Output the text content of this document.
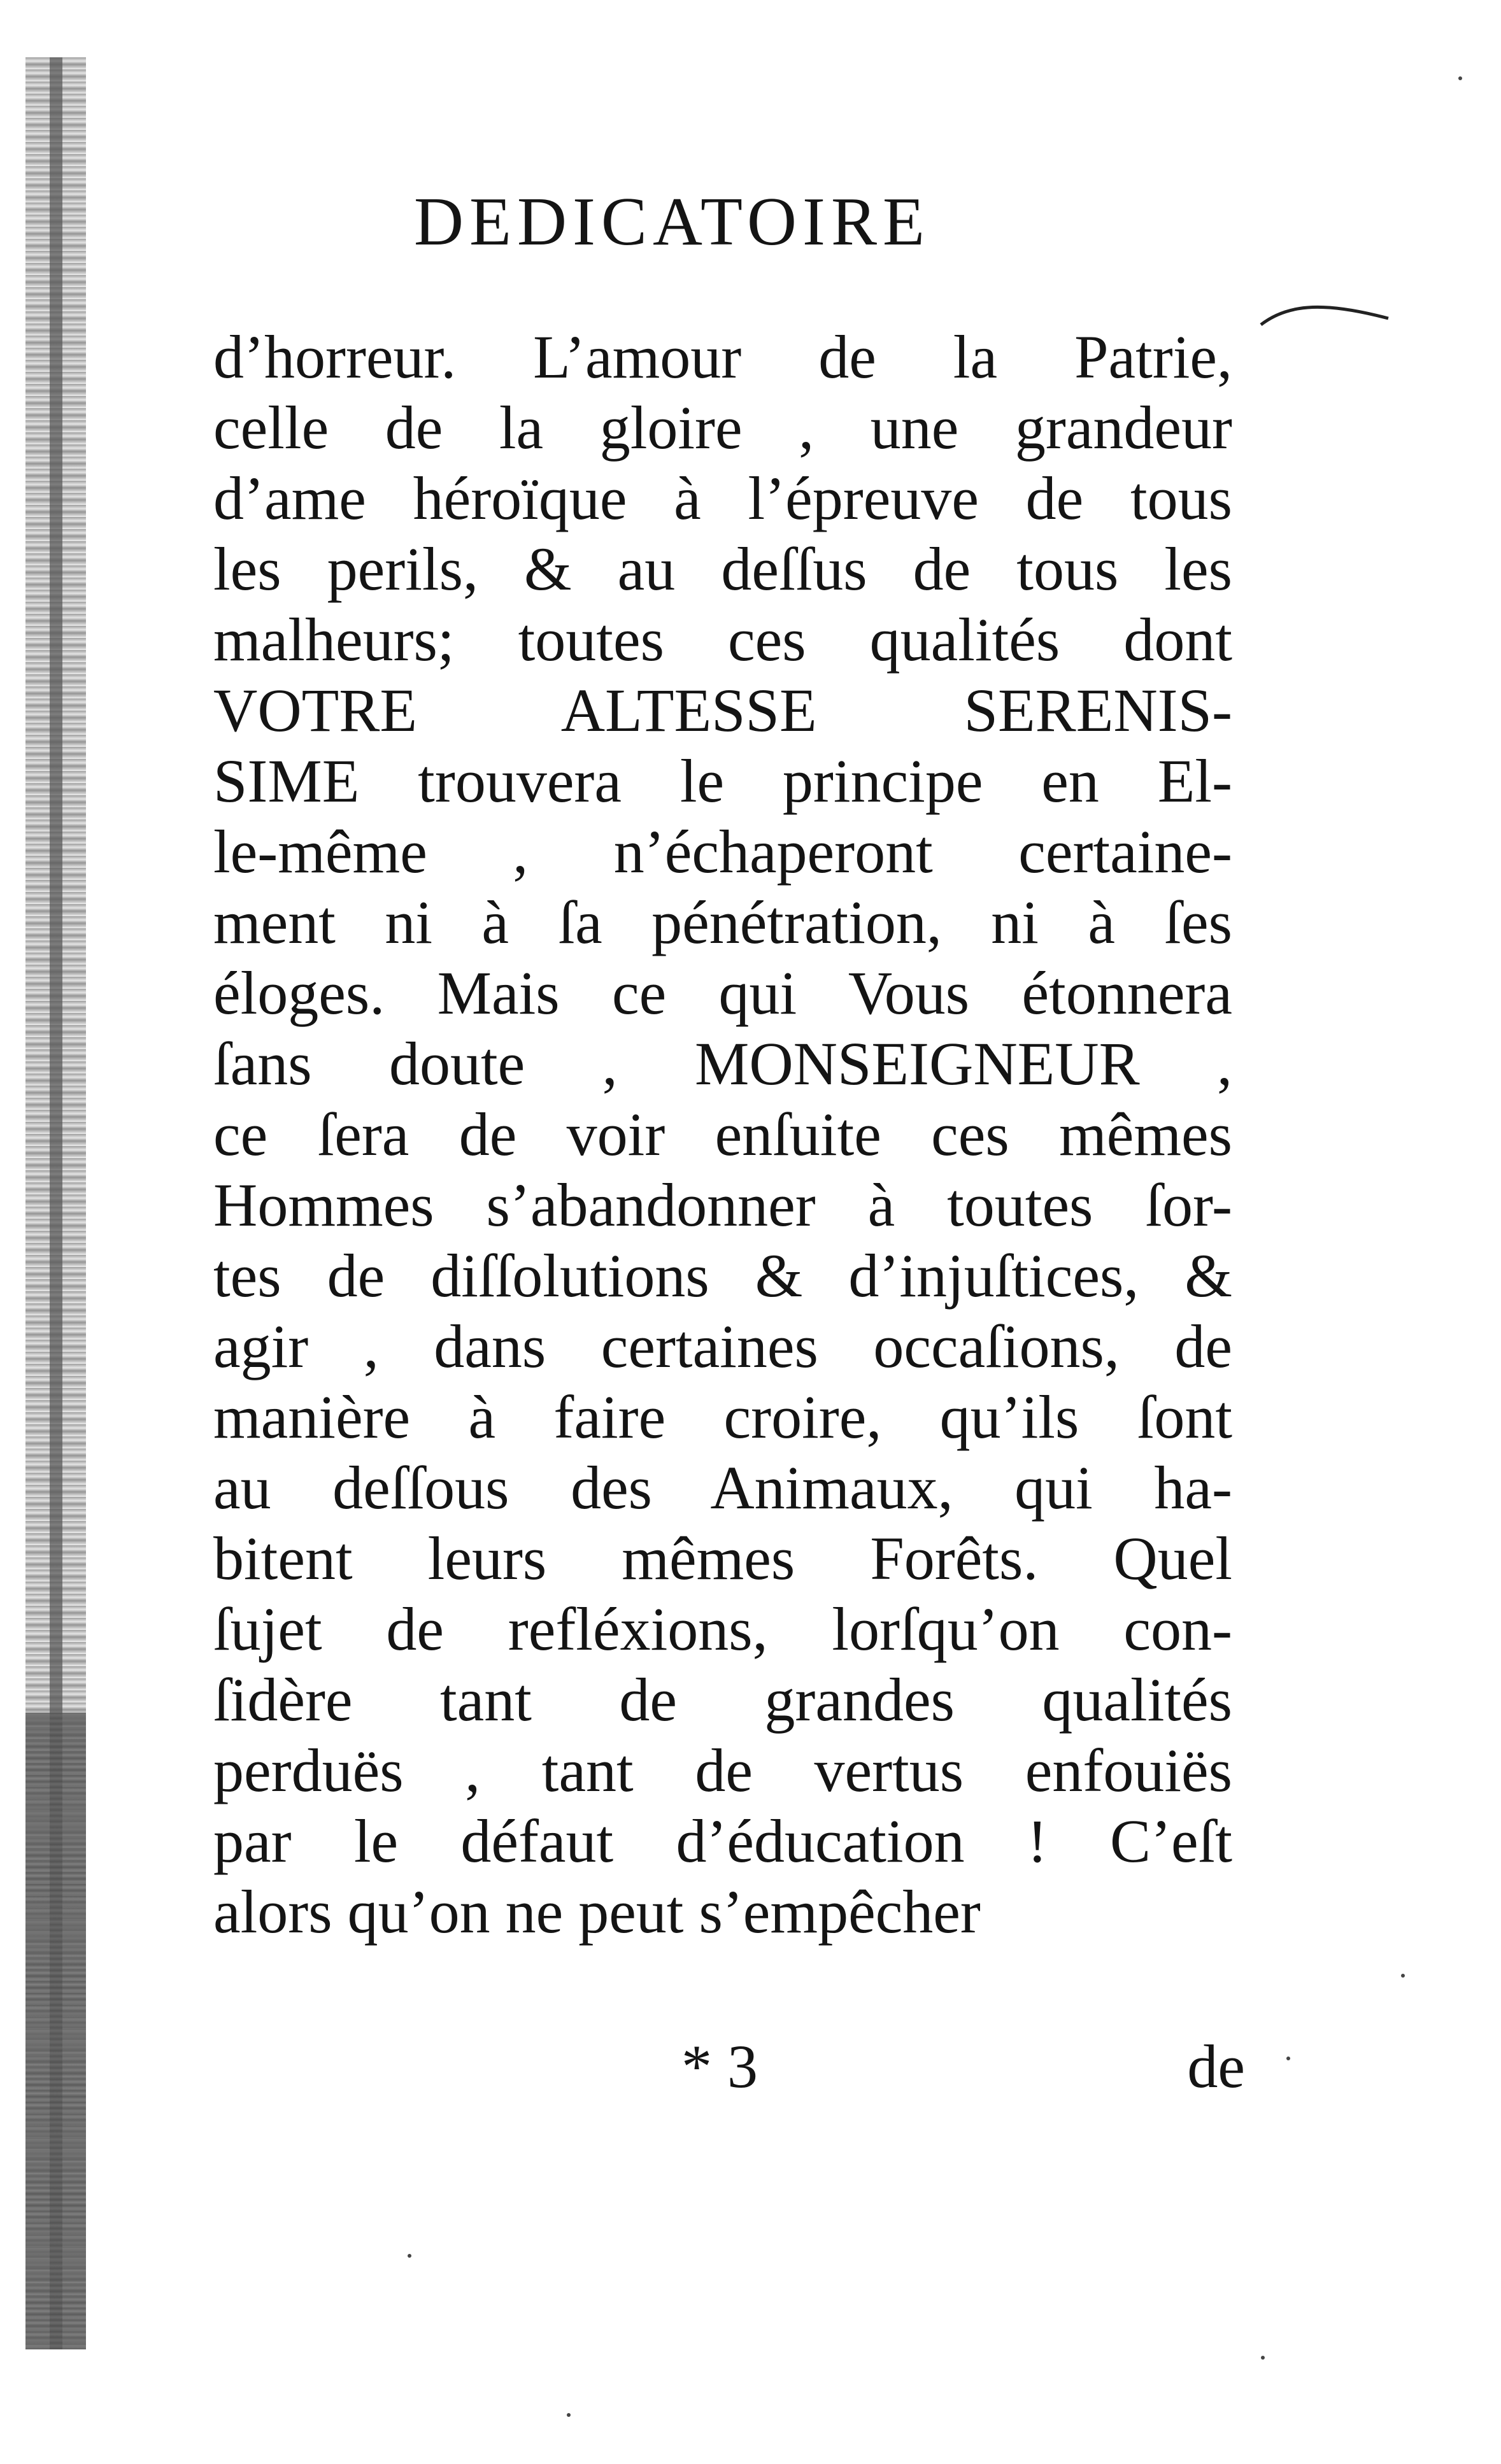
DEDICATOIRE
d’horreur. L’amour de la Patrie,
celle de la gloire , une grandeur
d’ame héroïque à l’épreuve de tous
les perils, & au deſſus de tous les
malheurs; toutes ces qualités dont
VOTRE ALTESSE SERENIS-
SIME trouvera le principe en El-
le-même , n’échaperont certaine-
ment ni à ſa pénétration, ni à ſes
éloges. Mais ce qui Vous étonnera
ſans doute , MONSEIGNEUR ,
ce ſera de voir enſuite ces mêmes
Hommes s’abandonner à toutes ſor-
tes de diſſolutions & d’injuſtices, &
agir , dans certaines occaſions, de
manière à faire croire, qu’ils ſont
au deſſous des Animaux, qui ha-
bitent leurs mêmes Forêts. Quel
ſujet de refléxions, lorſqu’on con-
ſidère tant de grandes qualités
perduës , tant de vertus enfouiës
par le défaut d’éducation ! C’eſt
alors qu’on ne peut s’empêcher
* 3	de
